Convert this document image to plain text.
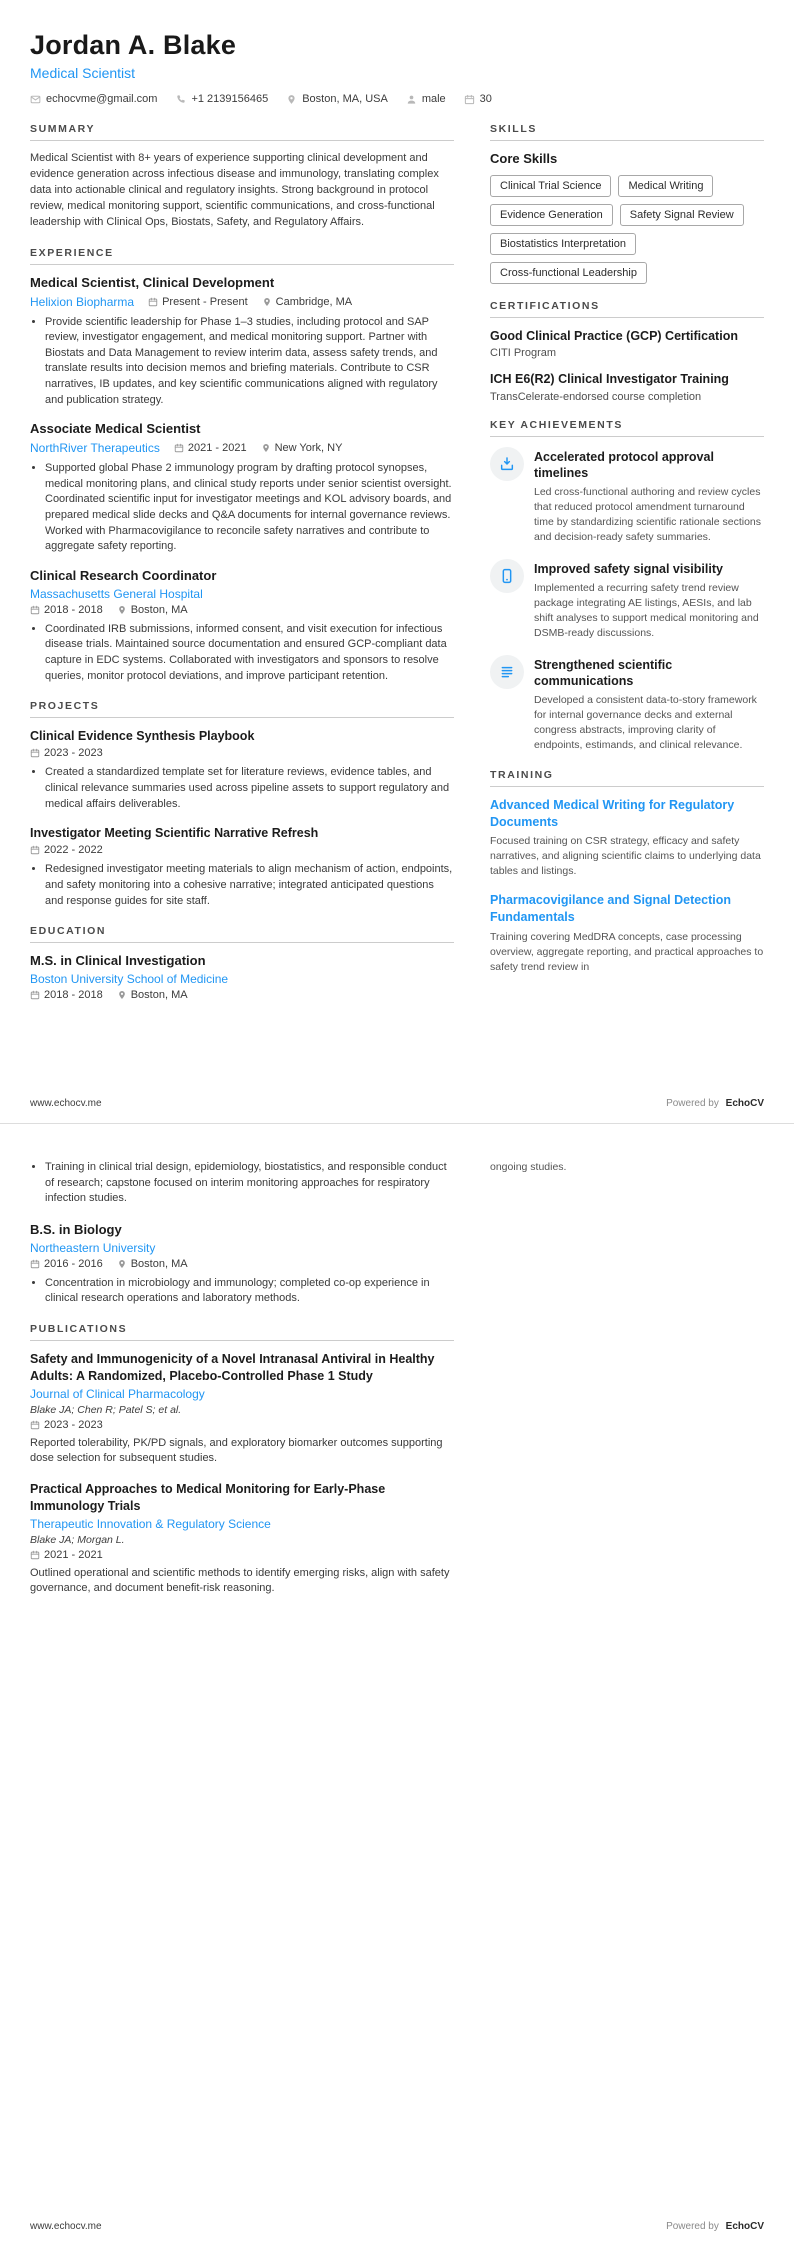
Jordan A. Blake
Medical Scientist
echocvme@gmail.com	+1 2139156465	Boston, MA, USA	male	30
SUMMARY

Medical Scientist with 8+ years of experience supporting clinical development and evidence generation across infectious disease and immunology, translating complex data into actionable clinical and regulatory insights. Strong background in protocol review, medical monitoring support, scientific communications, and cross-functional leadership with Clinical Ops, Biostats, Safety, and Regulatory Affairs.

EXPERIENCE
Medical Scientist, Clinical Development
Helixion Biopharma	Present - Present	Cambridge, MA
• Provide scientific leadership for Phase 1–3 studies, including protocol and SAP review, investigator engagement, and medical monitoring support. Partner with Biostats and Data Management to review interim data, assess safety trends, and translate results into decision memos and briefing materials. Contribute to CSR narratives, IB updates, and key scientific communications aligned with regulatory and publication strategy.
Associate Medical Scientist
NorthRiver Therapeutics	2021 - 2021	New York, NY
• Supported global Phase 2 immunology program by drafting protocol synopses, medical monitoring plans, and clinical study reports under senior scientist oversight. Coordinated scientific input for investigator meetings and KOL advisory boards, and prepared medical slide decks and Q&A documents for internal governance reviews. Worked with Pharmacovigilance to reconcile safety narratives and contribute to aggregate safety reporting.
Clinical Research Coordinator
Massachusetts General Hospital
2018 - 2018	Boston, MA
• Coordinated IRB submissions, informed consent, and visit execution for infectious disease trials. Maintained source documentation and ensured GCP-compliant data capture in EDC systems. Collaborated with investigators and sponsors to resolve queries, monitor protocol deviations, and improve participant retention.
PROJECTS
Clinical Evidence Synthesis Playbook
2023 - 2023
• Created a standardized template set for literature reviews, evidence tables, and clinical relevance summaries used across pipeline assets to support regulatory and medical affairs deliverables.
Investigator Meeting Scientific Narrative Refresh
2022 - 2022
• Redesigned investigator meeting materials to align mechanism of action, endpoints, and safety monitoring into a cohesive narrative; integrated anticipated questions and response guides for site staff.
EDUCATION
M.S. in Clinical Investigation
Boston University School of Medicine
2018 - 2018	Boston, MA
SKILLS
Core Skills
Clinical Trial Science	Medical Writing
Evidence Generation	Safety Signal Review
Biostatistics Interpretation
Cross-functional Leadership
CERTIFICATIONS
Good Clinical Practice (GCP) Certification
CITI Program
ICH E6(R2) Clinical Investigator Training
TransCelerate-endorsed course completion
KEY ACHIEVEMENTS
Accelerated protocol approval timelines
Led cross-functional authoring and review cycles that reduced protocol amendment turnaround time by standardizing scientific rationale sections and decision-ready safety summaries.
Improved safety signal visibility
Implemented a recurring safety trend review package integrating AE listings, AESIs, and lab shift analyses to support medical monitoring and DSMB-ready discussions.
Strengthened scientific communications
Developed a consistent data-to-story framework for internal governance decks and external congress abstracts, improving clarity of endpoints, estimands, and clinical relevance.
TRAINING
Advanced Medical Writing for Regulatory Documents
Focused training on CSR strategy, efficacy and safety narratives, and aligning scientific claims to underlying data tables and listings.
Pharmacovigilance and Signal Detection Fundamentals
Training covering MedDRA concepts, case processing overview, aggregate reporting, and practical approaches to safety trend review in
www.echocv.me	Powered by EchoCV
• Training in clinical trial design, epidemiology, biostatistics, and responsible conduct of research; capstone focused on interim monitoring approaches for respiratory infection studies.
B.S. in Biology
Northeastern University
2016 - 2016	Boston, MA
• Concentration in microbiology and immunology; completed co-op experience in clinical research operations and laboratory methods.
PUBLICATIONS
Safety and Immunogenicity of a Novel Intranasal Antiviral in Healthy Adults: A Randomized, Placebo-Controlled Phase 1 Study
Journal of Clinical Pharmacology
Blake JA; Chen R; Patel S; et al.
2023 - 2023
Reported tolerability, PK/PD signals, and exploratory biomarker outcomes supporting dose selection for subsequent studies.
Practical Approaches to Medical Monitoring for Early-Phase Immunology Trials
Therapeutic Innovation & Regulatory Science
Blake JA; Morgan L.
2021 - 2021
Outlined operational and scientific methods to identify emerging risks, align with safety governance, and document benefit-risk reasoning.
ongoing studies.
www.echocv.me	Powered by EchoCV
